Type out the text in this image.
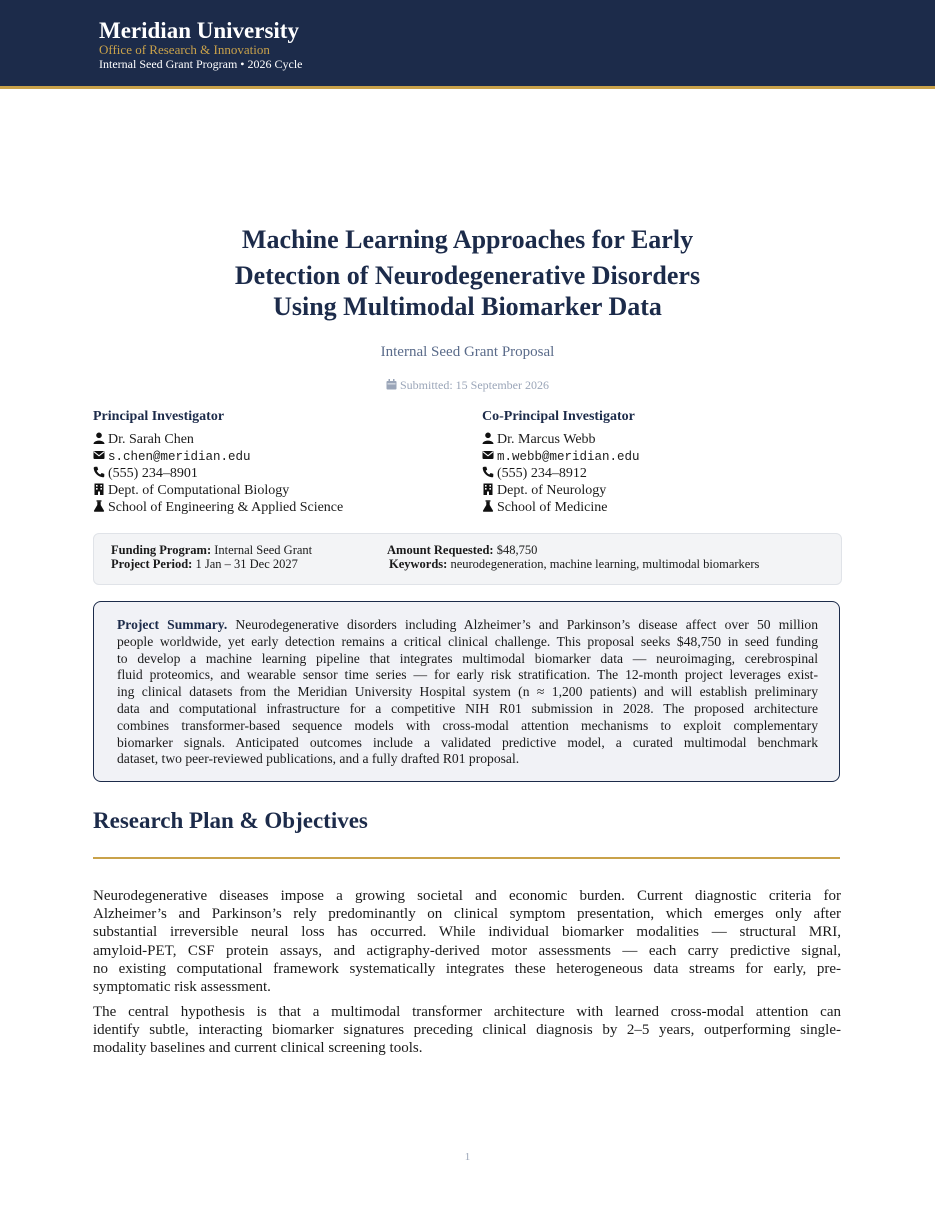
Meridian University
Office of Research & Innovation
Internal Seed Grant Program • 2026 Cycle
Machine Learning Approaches for Early
Detection of Neurodegenerative Disorders
Using Multimodal Biomarker Data
Internal Seed Grant Proposal
Submitted: 15 September 2026
Principal Investigator
Dr. Sarah Chen
s.chen@meridian.edu
(555) 234–8901
Dept. of Computational Biology
School of Engineering & Applied Science
Co-Principal Investigator
Dr. Marcus Webb
m.webb@meridian.edu
(555) 234–8912
Dept. of Neurology
School of Medicine
Funding Program: Internal Seed Grant
Project Period: 1 Jan – 31 Dec 2027
Amount Requested: $48,750
Keywords: neurodegeneration, machine learning, multimodal biomarkers
Project Summary. Neurodegenerative disorders including Alzheimer’s and Parkinson’s disease affect over 50 million
people worldwide, yet early detection remains a critical clinical challenge. This proposal seeks $48,750 in seed funding
to develop a machine learning pipeline that integrates multimodal biomarker data — neuroimaging, cerebrospinal
fluid proteomics, and wearable sensor time series — for early risk stratification. The 12-month project leverages exist-
ing clinical datasets from the Meridian University Hospital system (n ≈ 1,200 patients) and will establish preliminary
data and computational infrastructure for a competitive NIH R01 submission in 2028. The proposed architecture
combines transformer-based sequence models with cross-modal attention mechanisms to exploit complementary
biomarker signals. Anticipated outcomes include a validated predictive model, a curated multimodal benchmark
dataset, two peer-reviewed publications, and a fully drafted R01 proposal.
Research Plan & Objectives
Neurodegenerative diseases impose a growing societal and economic burden. Current diagnostic criteria for
Alzheimer’s and Parkinson’s rely predominantly on clinical symptom presentation, which emerges only after
substantial irreversible neural loss has occurred. While individual biomarker modalities — structural MRI,
amyloid-PET, CSF protein assays, and actigraphy-derived motor assessments — each carry predictive signal,
no existing computational framework systematically integrates these heterogeneous data streams for early, pre-
symptomatic risk assessment.
The central hypothesis is that a multimodal transformer architecture with learned cross-modal attention can
identify subtle, interacting biomarker signatures preceding clinical diagnosis by 2–5 years, outperforming single-
modality baselines and current clinical screening tools.
1
